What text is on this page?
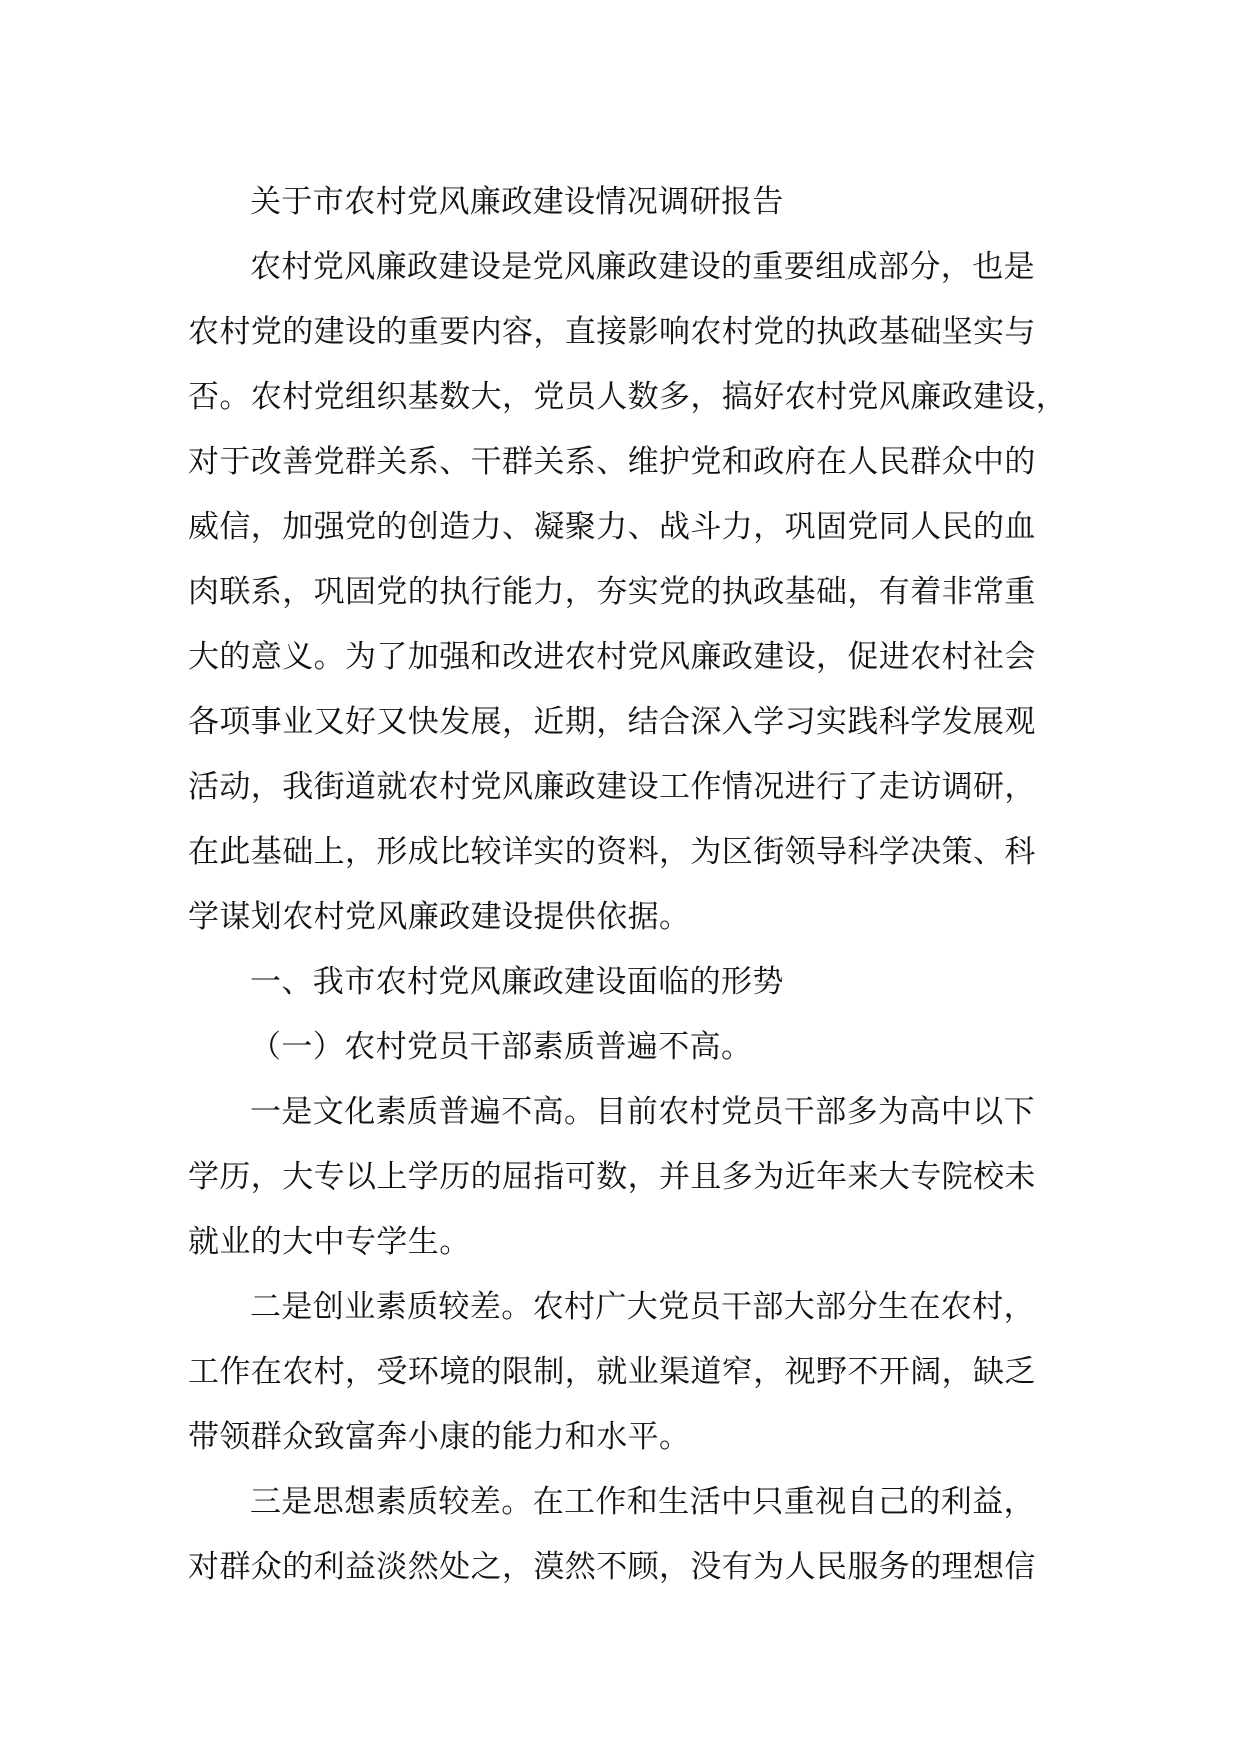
关于市农村党风廉政建设情况调研报告
农村党风廉政建设是党风廉政建设的重要组成部分，也是
农村党的建设的重要内容，直接影响农村党的执政基础坚实与
否。农村党组织基数大，党员人数多，搞好农村党风廉政建设，
对于改善党群关系、干群关系、维护党和政府在人民群众中的
威信，加强党的创造力、凝聚力、战斗力，巩固党同人民的血
肉联系，巩固党的执行能力，夯实党的执政基础，有着非常重
大的意义。为了加强和改进农村党风廉政建设，促进农村社会
各项事业又好又快发展，近期，结合深入学习实践科学发展观
活动，我街道就农村党风廉政建设工作情况进行了走访调研，
在此基础上，形成比较详实的资料，为区街领导科学决策、科
学谋划农村党风廉政建设提供依据。
一、我市农村党风廉政建设面临的形势
（一）农村党员干部素质普遍不高。
一是文化素质普遍不高。目前农村党员干部多为高中以下
学历，大专以上学历的屈指可数，并且多为近年来大专院校未
就业的大中专学生。
二是创业素质较差。农村广大党员干部大部分生在农村，
工作在农村，受环境的限制，就业渠道窄，视野不开阔，缺乏
带领群众致富奔小康的能力和水平。
三是思想素质较差。在工作和生活中只重视自己的利益，
对群众的利益淡然处之，漠然不顾，没有为人民服务的理想信
